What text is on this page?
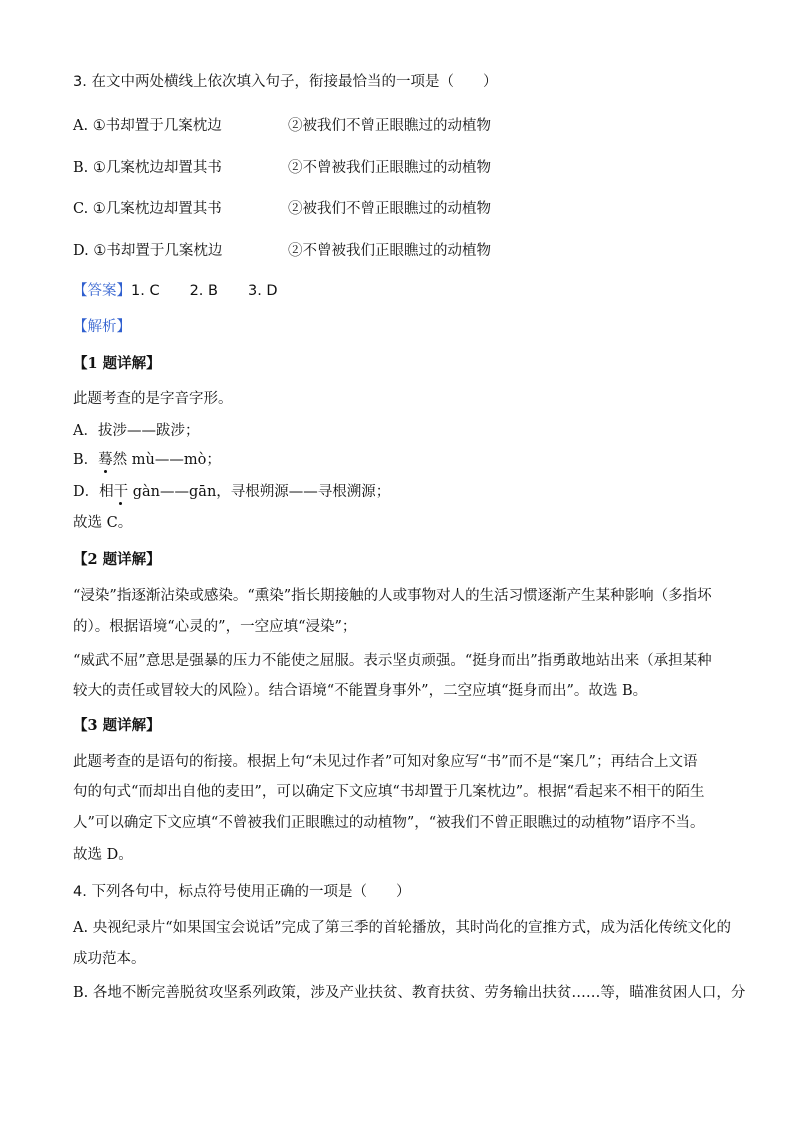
3. 在文中两处横线上依次填入句子，衔接最恰当的一项是（　　）
A. ①书却置于几案枕边	②被我们不曾正眼瞧过的动植物
B. ①几案枕边却置其书	②不曾被我们正眼瞧过的动植物
C. ①几案枕边却置其书	②被我们不曾正眼瞧过的动植物
D. ①书却置于几案枕边	②不曾被我们正眼瞧过的动植物
【答案】1. C 2. B 3. D
【解析】
【1 题详解】
此题考查的是字音字形。
A．拔涉——跋涉；
B．蓦然 mù——mò；
D．相干 gàn——gān，寻根朔源——寻根溯源；
故选 C。
【2 题详解】
“浸染”指逐渐沾染或感染。“熏染”指长期接触的人或事物对人的生活习惯逐渐产生某种影响（多指坏
的）。根据语境“心灵的”，一空应填“浸染”；
“威武不屈”意思是强暴的压力不能使之屈服。表示坚贞顽强。“挺身而出”指勇敢地站出来（承担某种
较大的责任或冒较大的风险）。结合语境“不能置身事外”，二空应填“挺身而出”。故选 B。
【3 题详解】
此题考查的是语句的衔接。根据上句“未见过作者”可知对象应写“书”而不是“案几”；再结合上文语
句的句式“而却出自他的麦田”，可以确定下文应填“书却置于几案枕边”。根据“看起来不相干的陌生
人”可以确定下文应填“不曾被我们正眼瞧过的动植物”，“被我们不曾正眼瞧过的动植物”语序不当。
故选 D。
4. 下列各句中，标点符号使用正确的一项是（　　）
A. 央视纪录片“如果国宝会说话”完成了第三季的首轮播放，其时尚化的宣推方式，成为活化传统文化的
成功范本。
B. 各地不断完善脱贫攻坚系列政策，涉及产业扶贫、教育扶贫、劳务输出扶贫……等，瞄准贫困人口，分
